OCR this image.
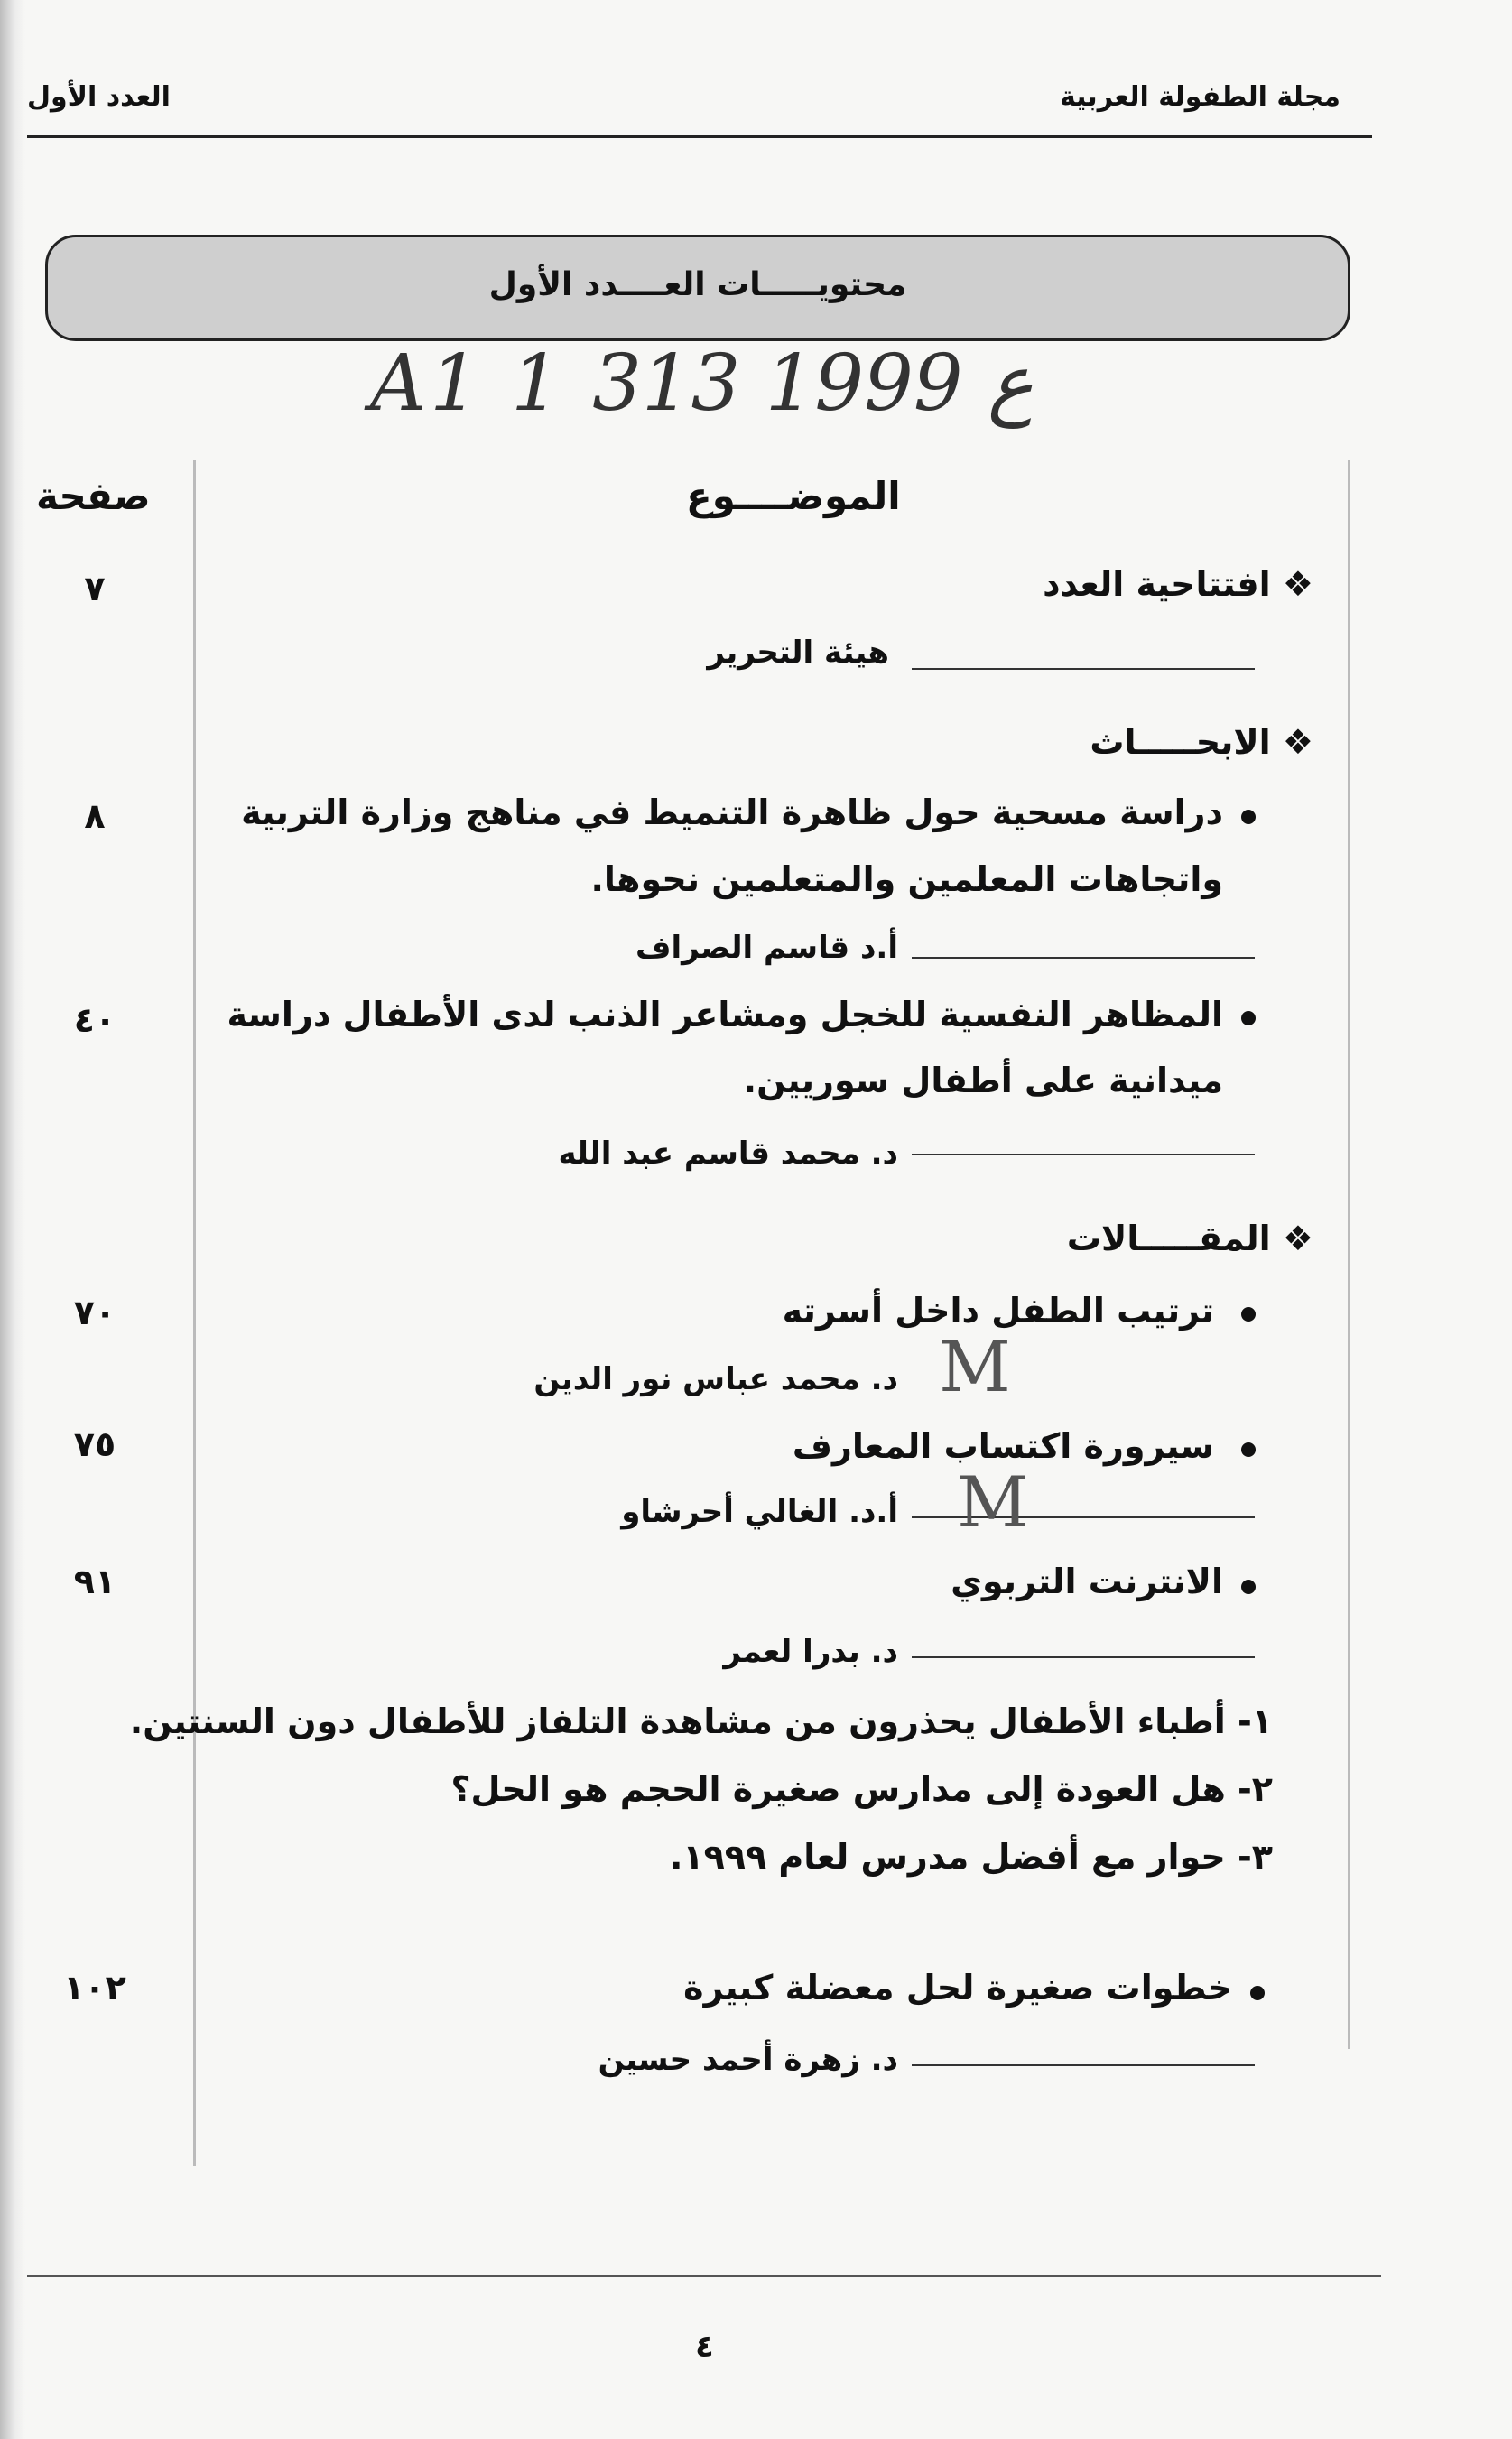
مجلة الطفولة العربية
العدد الأول
محتويـــــات العــــدد الأول
A1 1 ع 1999 313
الموضــــوع
صفحة
❖ افتتاحية العدد
٧
هيئة التحرير
❖ الابحـــــاث
دراسة مسحية حول ظاهرة التنميط في مناهج وزارة التربية
واتجاهات المعلمين والمتعلمين نحوها.
٨
أ.د قاسم الصراف
المظاهر النفسية للخجل ومشاعر الذنب لدى الأطفال دراسة
ميدانية على أطفال سوريين.
٤٠
د. محمد قاسم عبد الله
❖ المقـــــالات
ترتيب الطفل داخل أسرته
٧٠
د. محمد عباس نور الدين M
سيرورة اكتساب المعارف
٧٥
أ.د. الغالي أحرشاو M
الانترنت التربوي
٩١
د. بدرا لعمر
١- أطباء الأطفال يحذرون من مشاهدة التلفاز للأطفال دون السنتين.
٢- هل العودة إلى مدارس صغيرة الحجم هو الحل؟
٣- حوار مع أفضل مدرس لعام ١٩٩٩.
خطوات صغيرة لحل معضلة كبيرة
١٠٢
د. زهرة أحمد حسين
٤
